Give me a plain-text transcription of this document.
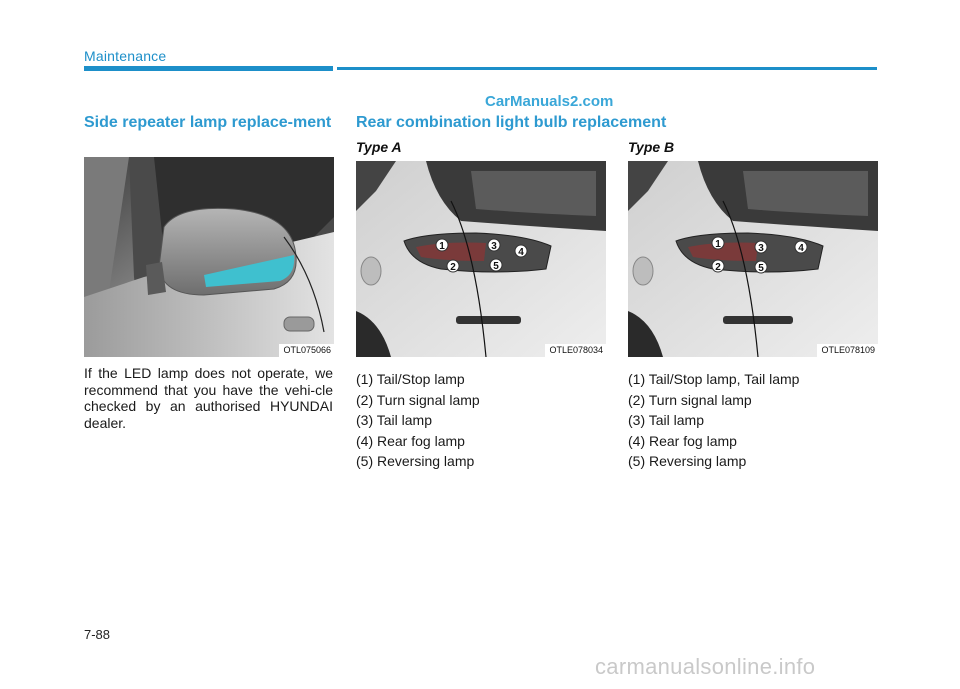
Maintenance
CarManuals2.com
Side repeater lamp replace-ment Rear combination light bulb replacement
Type A	Type B
OTL075066
1
2
3
4
5
OTLE078034
1
2
3	4
5
OTLE078109
If the LED lamp does not operate, we recommend that you have the vehi-cle checked by an authorised HYUNDAI dealer.
(1) Tail/Stop lamp
(2) Turn signal lamp
(3) Tail lamp
(4) Rear fog lamp
(5) Reversing lamp
(1) Tail/Stop lamp, Tail lamp
(2) Turn signal lamp
(3) Tail lamp
(4) Rear fog lamp
(5) Reversing lamp
7-88
carmanualsonline.info
